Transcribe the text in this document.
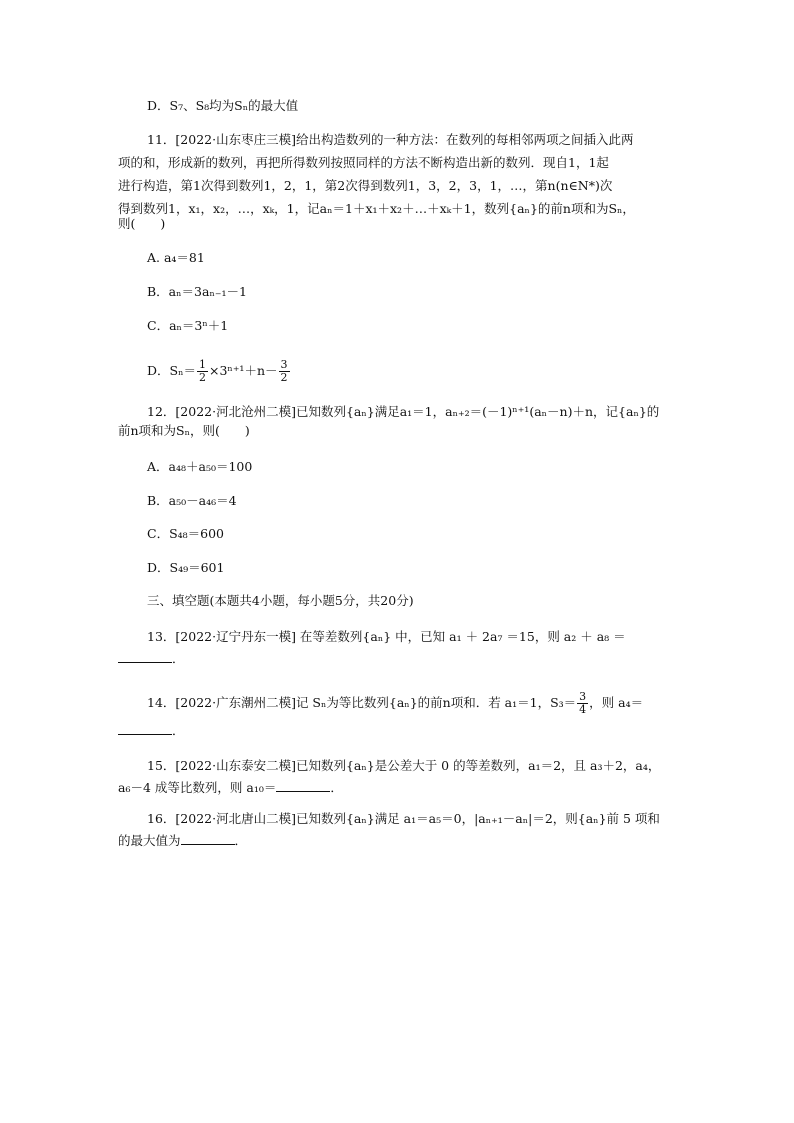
D．S₇、S₈均为Sₙ的最大值
11．[2022·山东枣庄三模]给出构造数列的一种方法：在数列的每相邻两项之间插入此两
项的和，形成新的数列，再把所得数列按照同样的方法不断构造出新的数列．现自1，1起
进行构造，第1次得到数列1，2，1，第2次得到数列1，3，2，3，1，…，第n(n∈N*)次
得到数列1，x₁，x₂，…，xₖ，1，记aₙ＝1＋x₁＋x₂＋…＋xₖ＋1，数列{aₙ}的前n项和为Sₙ，
则(　　)
A. a₄＝81
B．aₙ＝3aₙ₋₁－1
C．aₙ＝3ⁿ＋1
D．$S_n= \frac{1}{2} \times 3^{n+1}+n- \frac{3}{2}$
12．[2022·河北沧州二模]已知数列{aₙ}满足a₁＝1，aₙ₊₂＝(－1)ⁿ⁺¹(aₙ－n)＋n，记{aₙ}的
前n项和为Sₙ，则(　　)
A．a₄₈＋a₅₀＝100
B．a₅₀－a₄₆＝4
C．S₄₈＝600
D．S₄₉＝601
三、填空题(本题共4小题，每小题5分，共20分)
13．[2022·辽宁丹东一模] 在等差数列{aₙ} 中，已知 a₁ ＋ 2a₇ ＝15，则 a₂ ＋ a₈ ＝
．
14．[2022·广东潮州二模]记 Sₙ为等比数列{aₙ}的前n项和．若 a₁＝1，$S_3= \frac{3}{4}$ ，则 a₄＝
．
15．[2022·山东泰安二模]已知数列{aₙ}是公差大于 0 的等差数列，a₁＝2，且 a₃＋2，a₄，
a₆－4 成等比数列，则 a₁₀＝	．
16．[2022·河北唐山二模]已知数列{aₙ}满足 a₁＝a₅＝0，|aₙ₊₁－aₙ|＝2，则{aₙ}前 5 项和
的最大值为	．
